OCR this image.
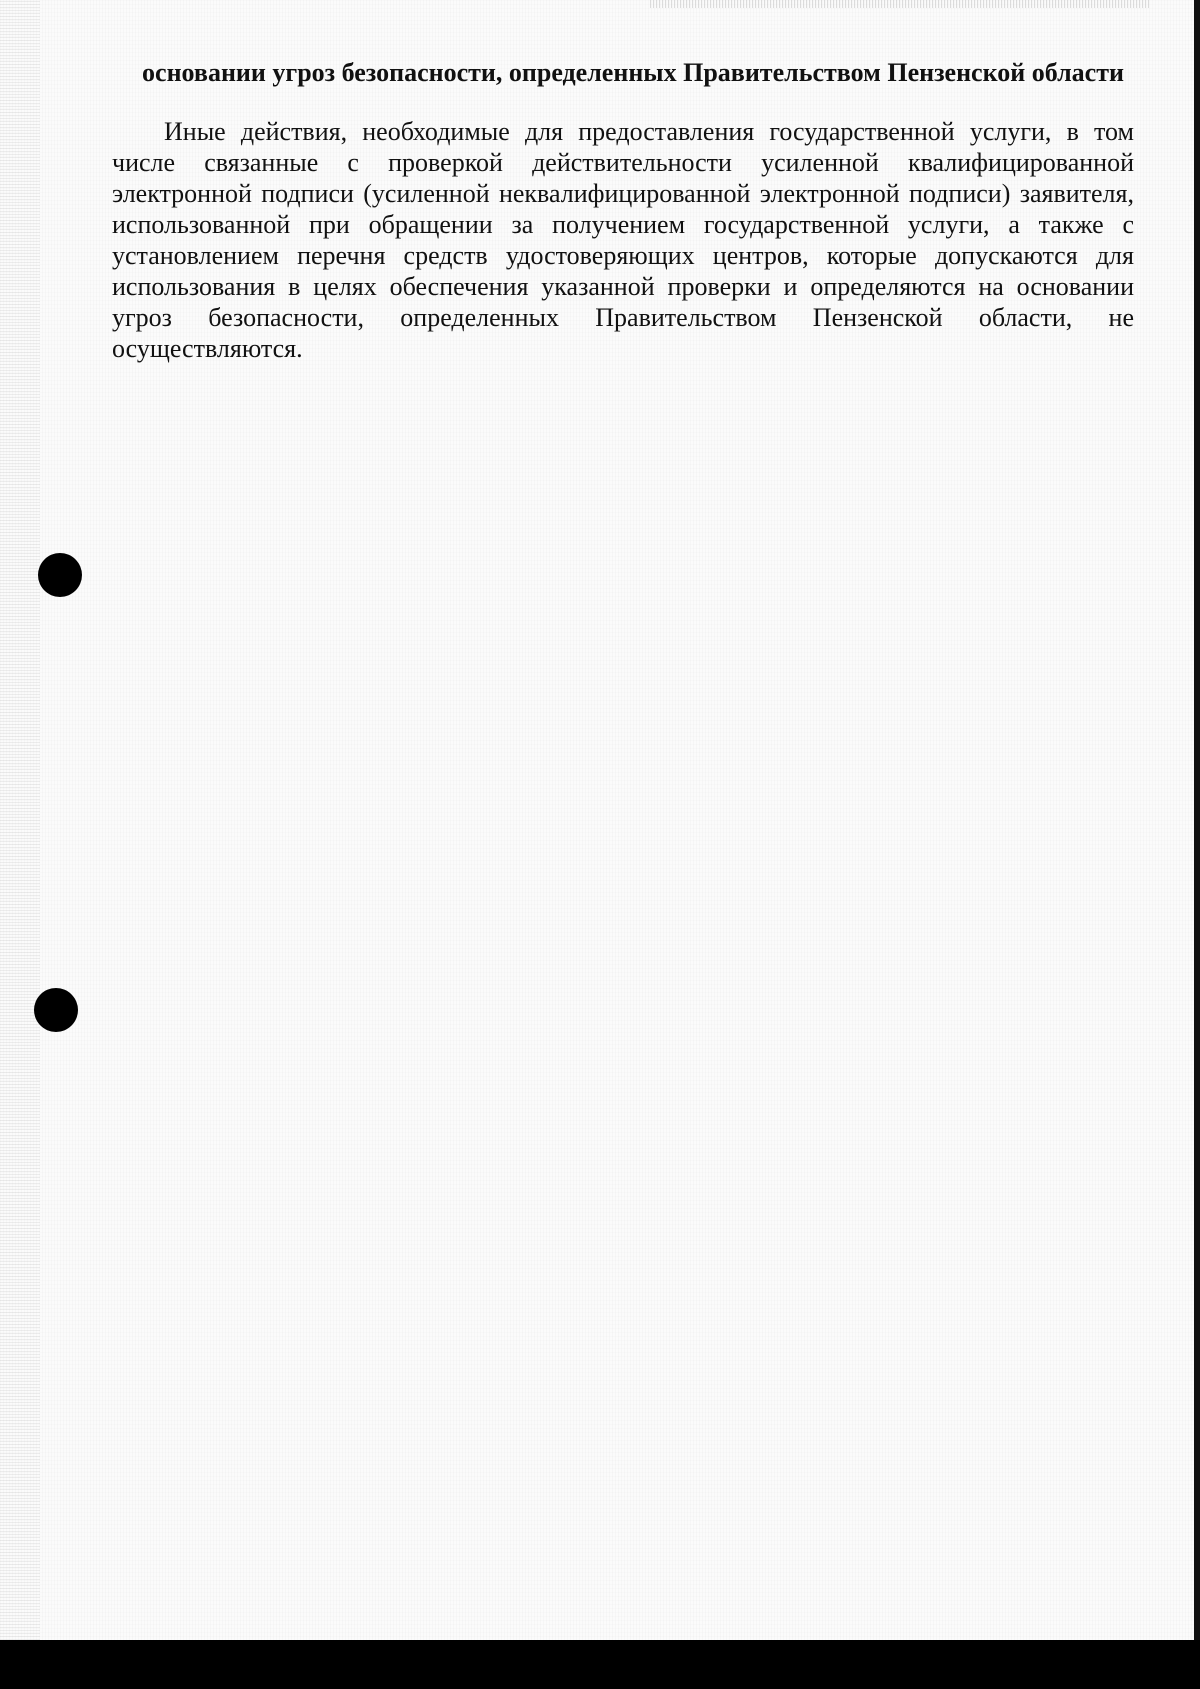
основании угроз безопасности, определенных Правительством Пензенской области

Иные действия, необходимые для предоставления государственной услуги, в том числе связанные с проверкой действительности усиленной квалифицированной электронной подписи (усиленной неквалифицированной электронной подписи) заявителя, использованной при обращении за получением государственной услуги, а также с установлением перечня средств удостоверяющих центров, которые допускаются для использования в целях обеспечения указанной проверки и определяются на основании угроз безопасности, определенных Правительством Пензенской области, не осуществляются.
